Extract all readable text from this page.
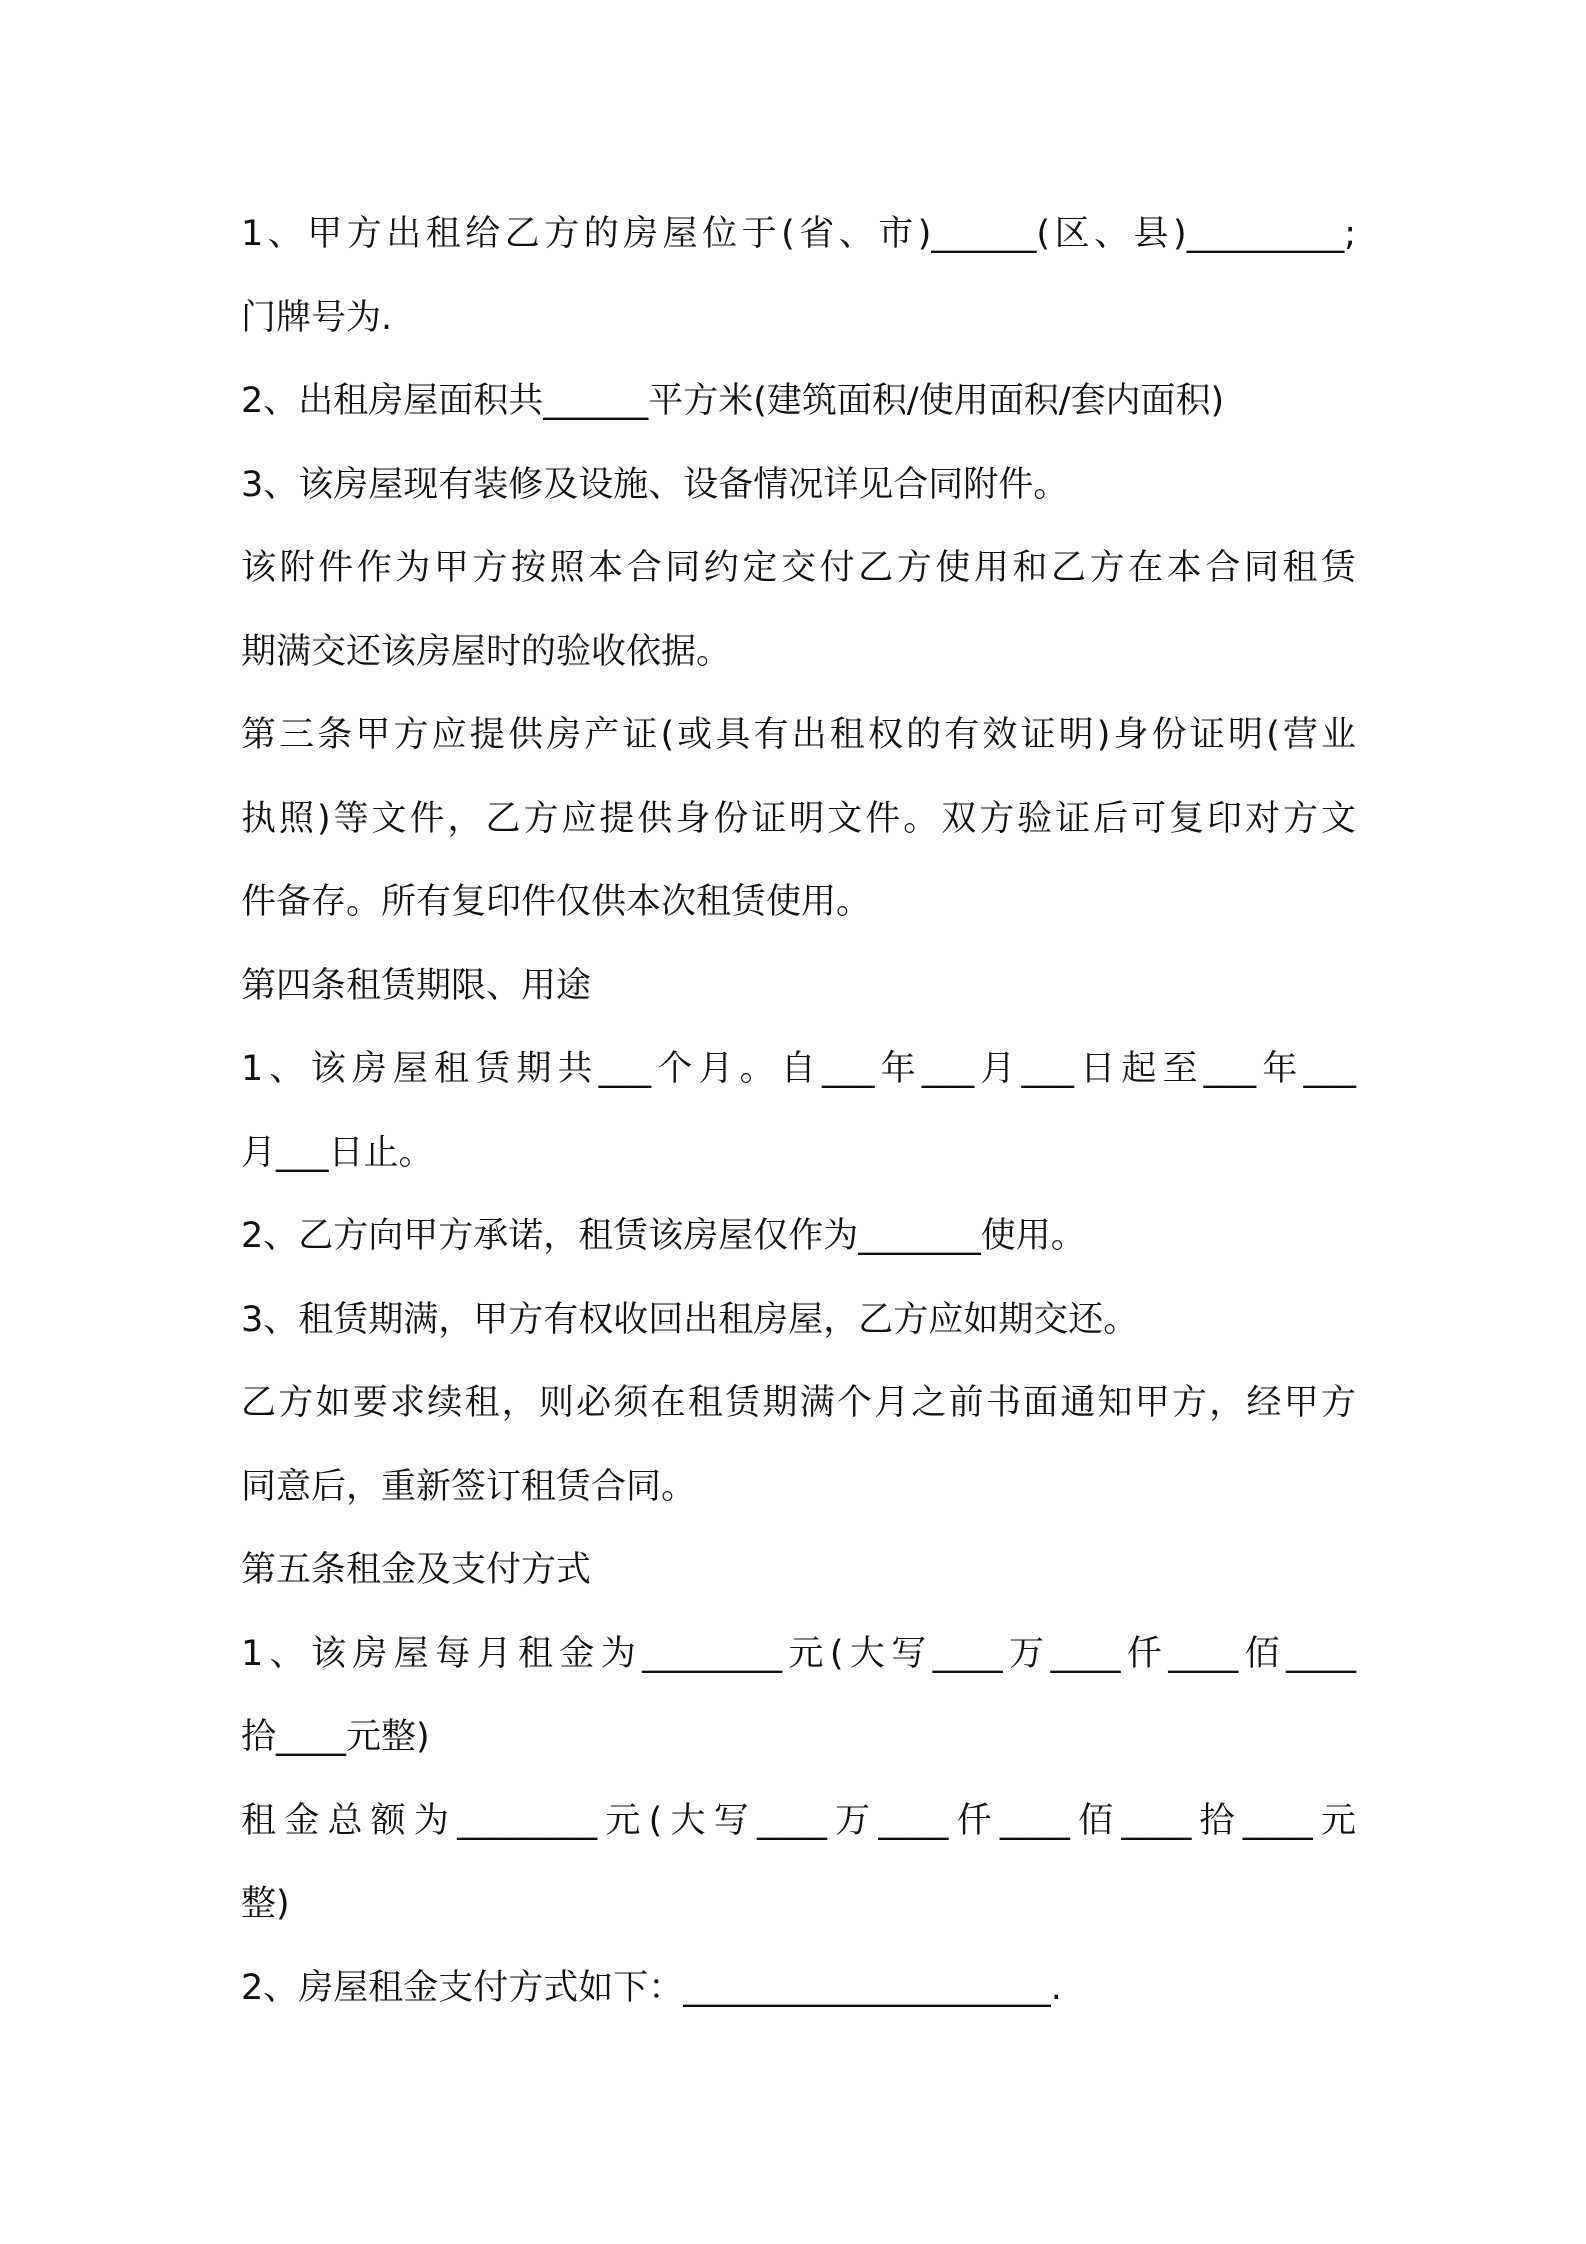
1、甲方出租给乙方的房屋位于(省、市)______(区、县)_________;
门牌号为.
2、出租房屋面积共______平方米(建筑面积/使用面积/套内面积)
3、该房屋现有装修及设施、设备情况详见合同附件。
该附件作为甲方按照本合同约定交付乙方使用和乙方在本合同租赁
期满交还该房屋时的验收依据。
第三条甲方应提供房产证(或具有出租权的有效证明)身份证明(营业
执照)等文件，乙方应提供身份证明文件。双方验证后可复印对方文
件备存。所有复印件仅供本次租赁使用。
第四条租赁期限、用途
1、该房屋租赁期共___个月。自___年___月___日起至___年___
月___日止。
2、乙方向甲方承诺，租赁该房屋仅作为_______使用。
3、租赁期满，甲方有权收回出租房屋，乙方应如期交还。
乙方如要求续租，则必须在租赁期满个月之前书面通知甲方，经甲方
同意后，重新签订租赁合同。
第五条租金及支付方式
1、该房屋每月租金为________元(大写____万____仟____佰____
拾____元整)
租金总额为________元(大写____万____仟____佰____拾____元
整)
2、房屋租金支付方式如下：_____________________.
